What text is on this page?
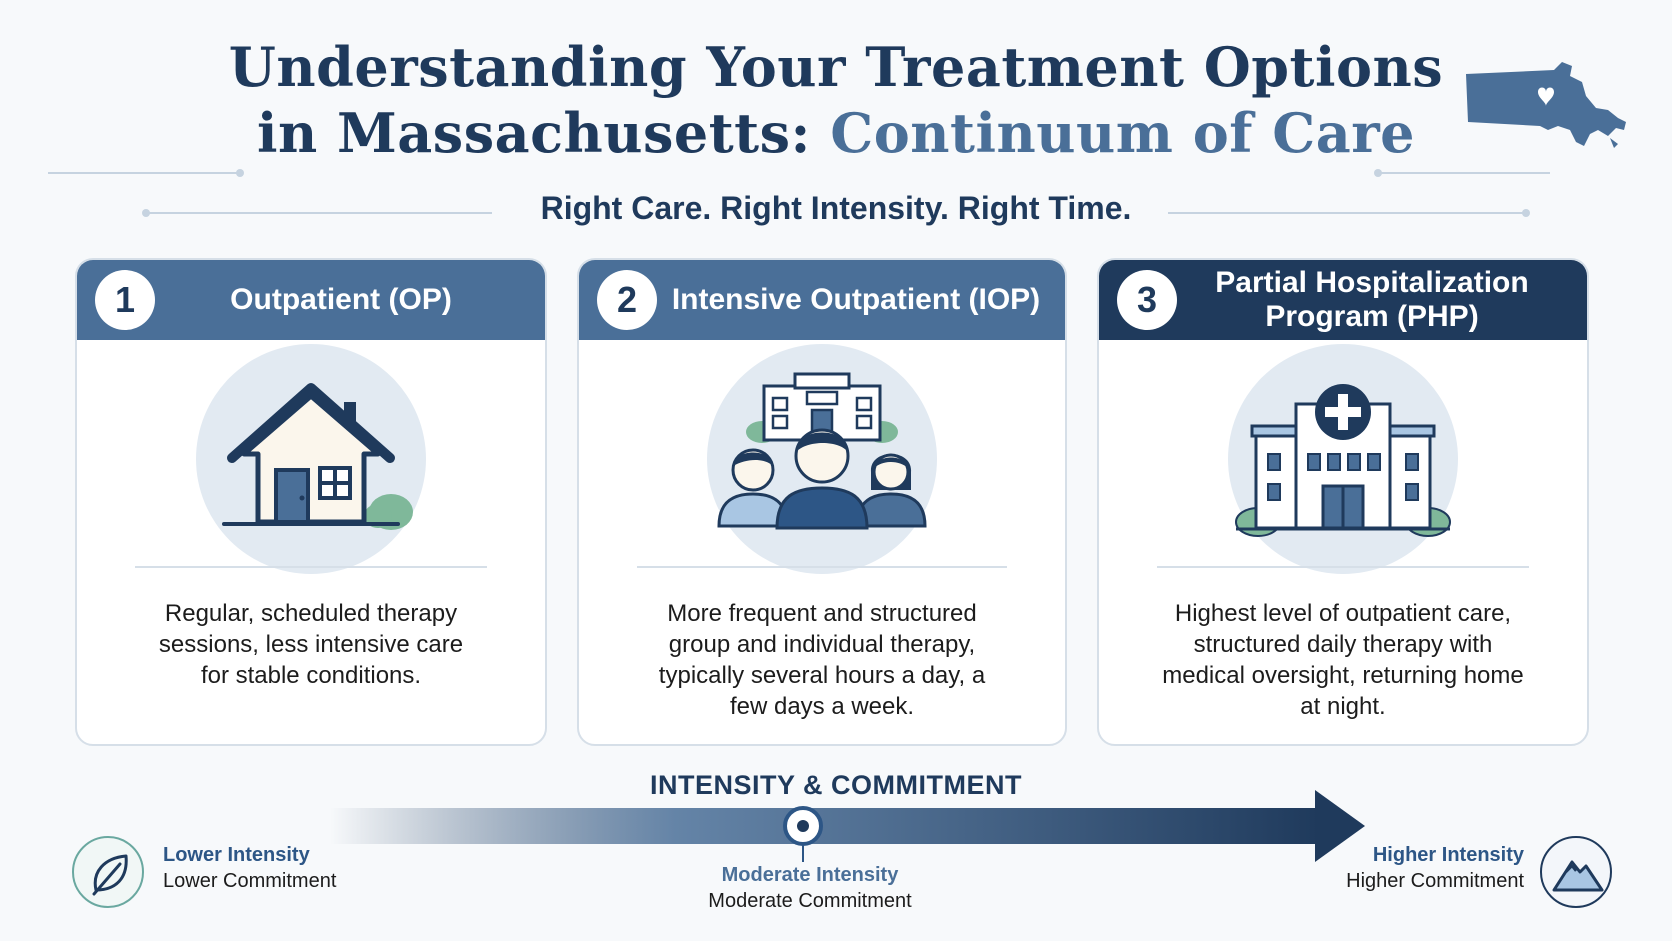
Understanding Your Treatment Options
in Massachusetts: Continuum of Care
Right Care. Right Intensity. Right Time.
1	Outpatient (OP)
Regular, scheduled therapy sessions, less intensive care for stable conditions.
2	Intensive Outpatient (IOP)
More frequent and structured group and individual therapy, typically several hours a day, a few days a week.
3	Partial Hospitalization Program (PHP)
Highest level of outpatient care, structured daily therapy with medical oversight, returning home at night.
INTENSITY & COMMITMENT
Lower Intensity
Lower Commitment	Moderate Intensity
Moderate Commitment
Higher Intensity
Higher Commitment
